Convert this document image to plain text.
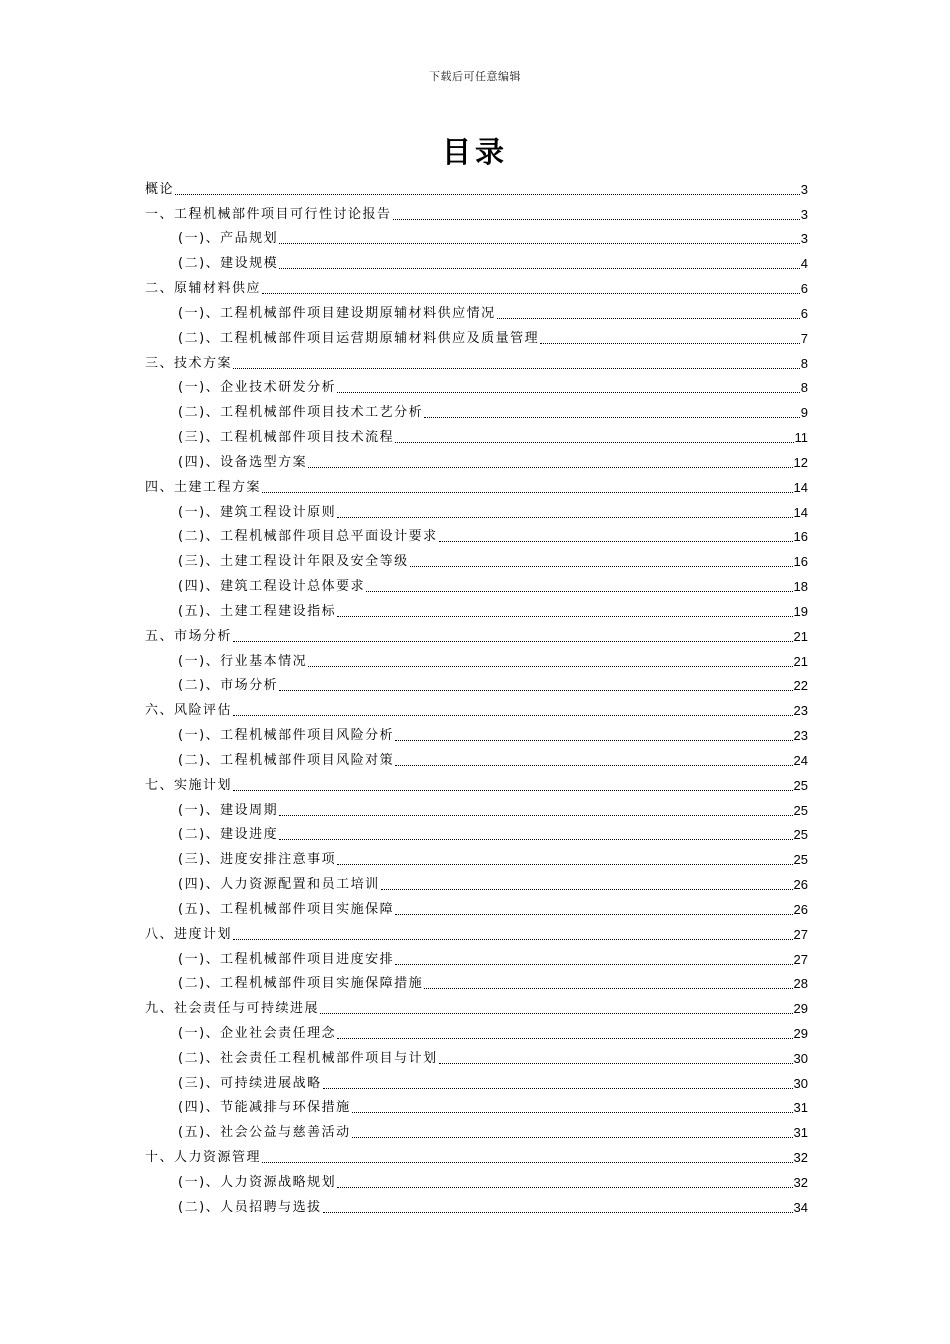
下载后可任意编辑
目录
概论	3
一、工程机械部件项目可行性讨论报告	3
(一)、产品规划	3
(二)、建设规模	4
二、原辅材料供应	6
(一)、工程机械部件项目建设期原辅材料供应情况	6
(二)、工程机械部件项目运营期原辅材料供应及质量管理	7
三、技术方案	8
(一)、企业技术研发分析	8
(二)、工程机械部件项目技术工艺分析	9
(三)、工程机械部件项目技术流程	11
(四)、设备选型方案	12
四、土建工程方案	14
(一)、建筑工程设计原则	14
(二)、工程机械部件项目总平面设计要求	16
(三)、土建工程设计年限及安全等级	16
(四)、建筑工程设计总体要求	18
(五)、土建工程建设指标	19
五、市场分析	21
(一)、行业基本情况	21
(二)、市场分析	22
六、风险评估	23
(一)、工程机械部件项目风险分析	23
(二)、工程机械部件项目风险对策	24
七、实施计划	25
(一)、建设周期	25
(二)、建设进度	25
(三)、进度安排注意事项	25
(四)、人力资源配置和员工培训	26
(五)、工程机械部件项目实施保障	26
八、进度计划	27
(一)、工程机械部件项目进度安排	27
(二)、工程机械部件项目实施保障措施	28
九、社会责任与可持续进展	29
(一)、企业社会责任理念	29
(二)、社会责任工程机械部件项目与计划	30
(三)、可持续进展战略	30
(四)、节能减排与环保措施	31
(五)、社会公益与慈善活动	31
十、人力资源管理	32
(一)、人力资源战略规划	32
(二)、人员招聘与选拔	34
